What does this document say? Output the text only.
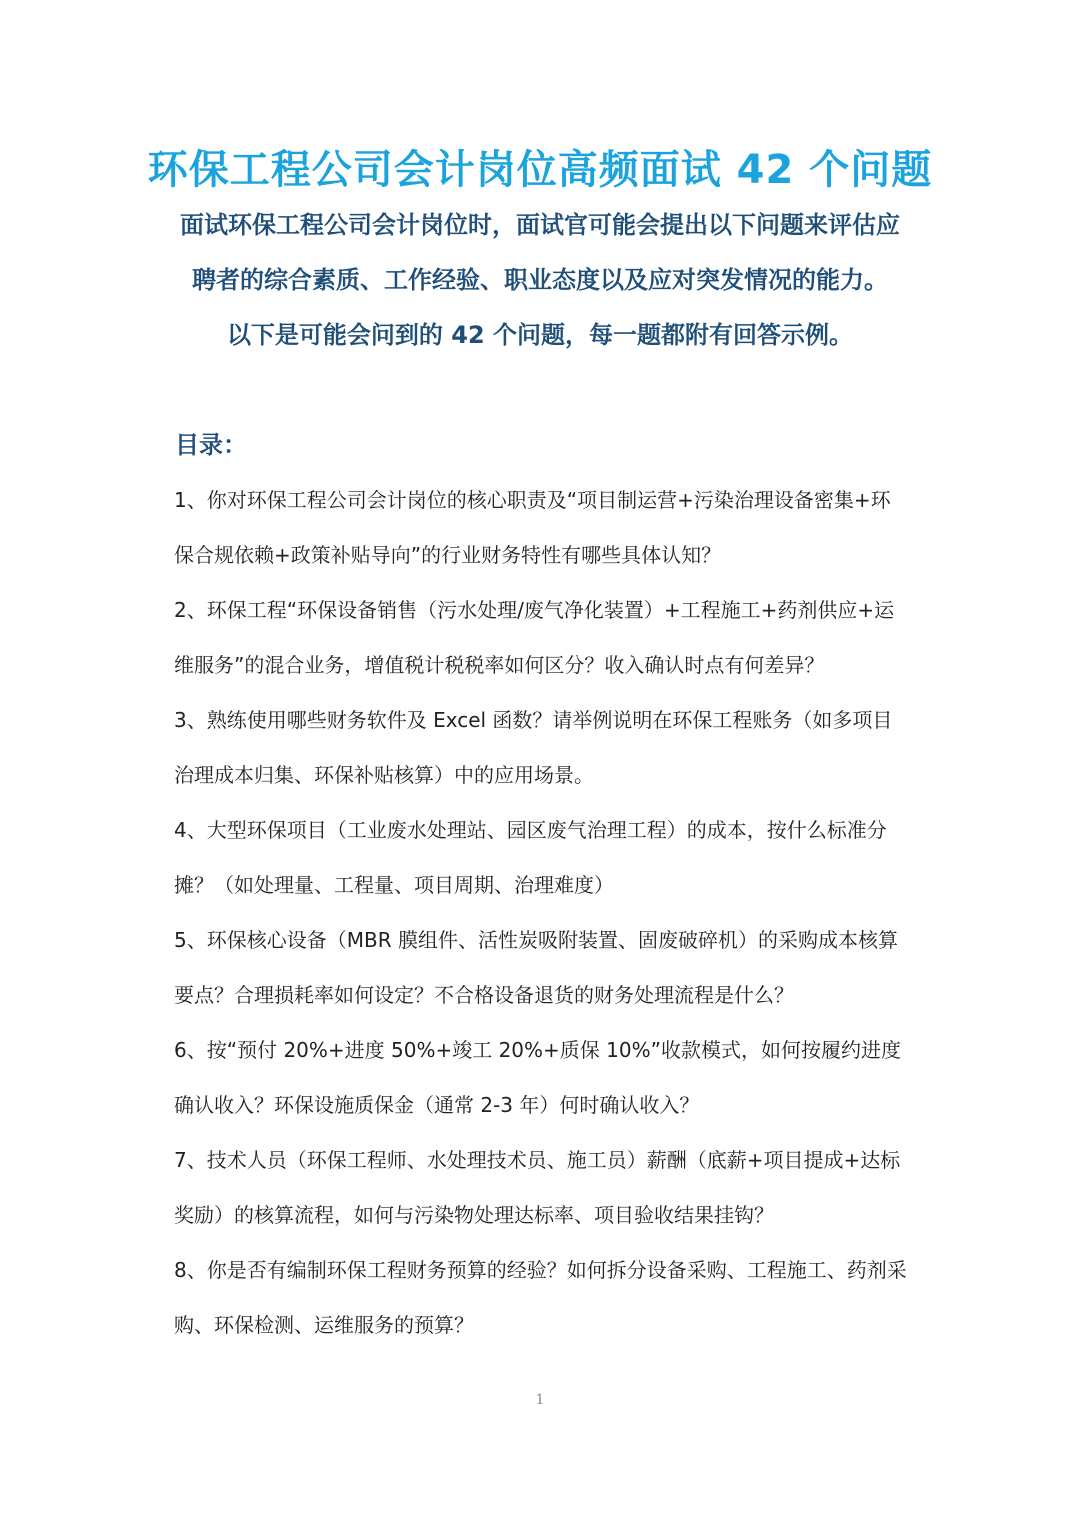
环保工程公司会计岗位高频面试 42 个问题

面试环保工程公司会计岗位时，面试官可能会提出以下问题来评估应聘者的综合素质、工作经验、职业态度以及应对突发情况的能力。

以下是可能会问到的 42 个问题，每一题都附有回答示例。

目录：

1、你对环保工程公司会计岗位的核心职责及“项目制运营+污染治理设备密集+环保合规依赖+政策补贴导向”的行业财务特性有哪些具体认知？

2、环保工程“环保设备销售（污水处理/废气净化装置）+工程施工+药剂供应+运维服务”的混合业务，增值税计税税率如何区分？收入确认时点有何差异？

3、熟练使用哪些财务软件及 Excel 函数？请举例说明在环保工程账务（如多项目治理成本归集、环保补贴核算）中的应用场景。

4、大型环保项目（工业废水处理站、园区废气治理工程）的成本，按什么标准分摊？（如处理量、工程量、项目周期、治理难度）

5、环保核心设备（MBR 膜组件、活性炭吸附装置、固废破碎机）的采购成本核算要点？合理损耗率如何设定？不合格设备退货的财务处理流程是什么？

6、按“预付 20%+进度 50%+竣工 20%+质保 10%”收款模式，如何按履约进度确认收入？环保设施质保金（通常 2-3 年）何时确认收入？

7、技术人员（环保工程师、水处理技术员、施工员）薪酬（底薪+项目提成+达标奖励）的核算流程，如何与污染物处理达标率、项目验收结果挂钩？

8、你是否有编制环保工程财务预算的经验？如何拆分设备采购、工程施工、药剂采购、环保检测、运维服务的预算？

1
